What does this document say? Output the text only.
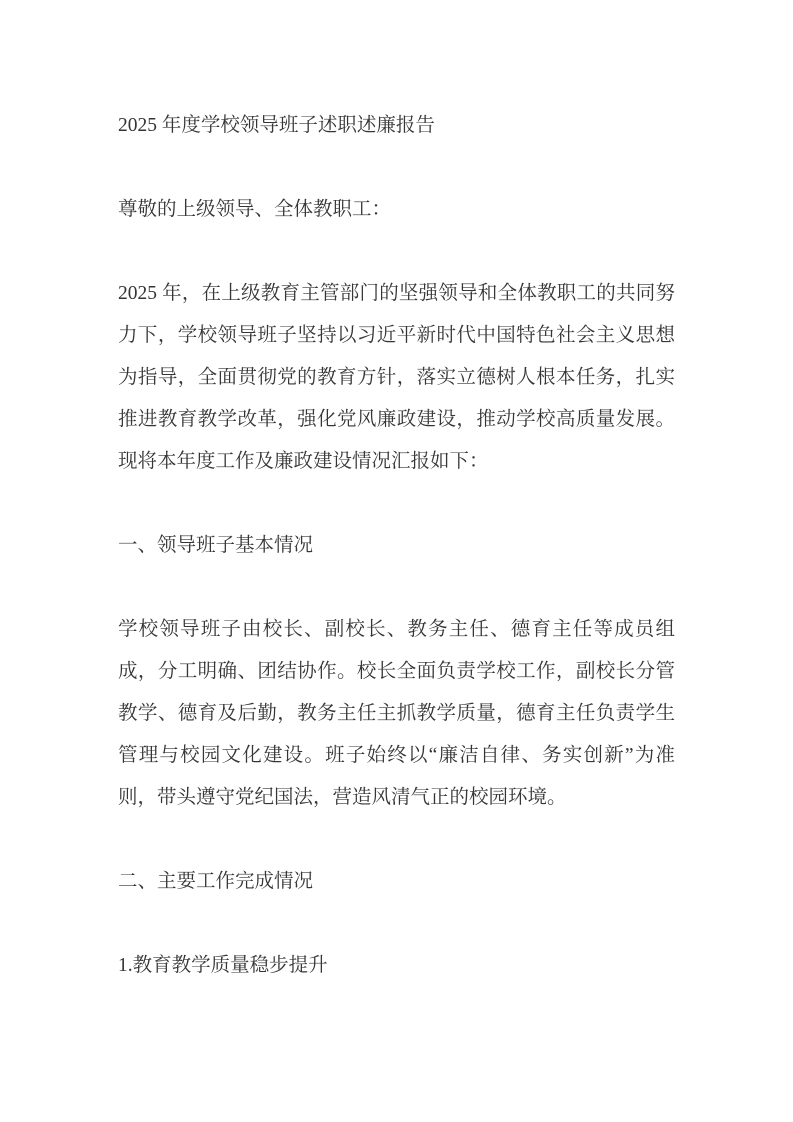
2025 年度学校领导班子述职述廉报告

尊敬的上级领导、全体教职工：

2025 年，在上级教育主管部门的坚强领导和全体教职工的共同努力下，学校领导班子坚持以习近平新时代中国特色社会主义思想为指导，全面贯彻党的教育方针，落实立德树人根本任务，扎实推进教育教学改革，强化党风廉政建设，推动学校高质量发展。现将本年度工作及廉政建设情况汇报如下：

一、领导班子基本情况

学校领导班子由校长、副校长、教务主任、德育主任等成员组成，分工明确、团结协作。校长全面负责学校工作，副校长分管教学、德育及后勤，教务主任主抓教学质量，德育主任负责学生管理与校园文化建设。班子始终以“廉洁自律、务实创新”为准则，带头遵守党纪国法，营造风清气正的校园环境。

二、主要工作完成情况

1.教育教学质量稳步提升
